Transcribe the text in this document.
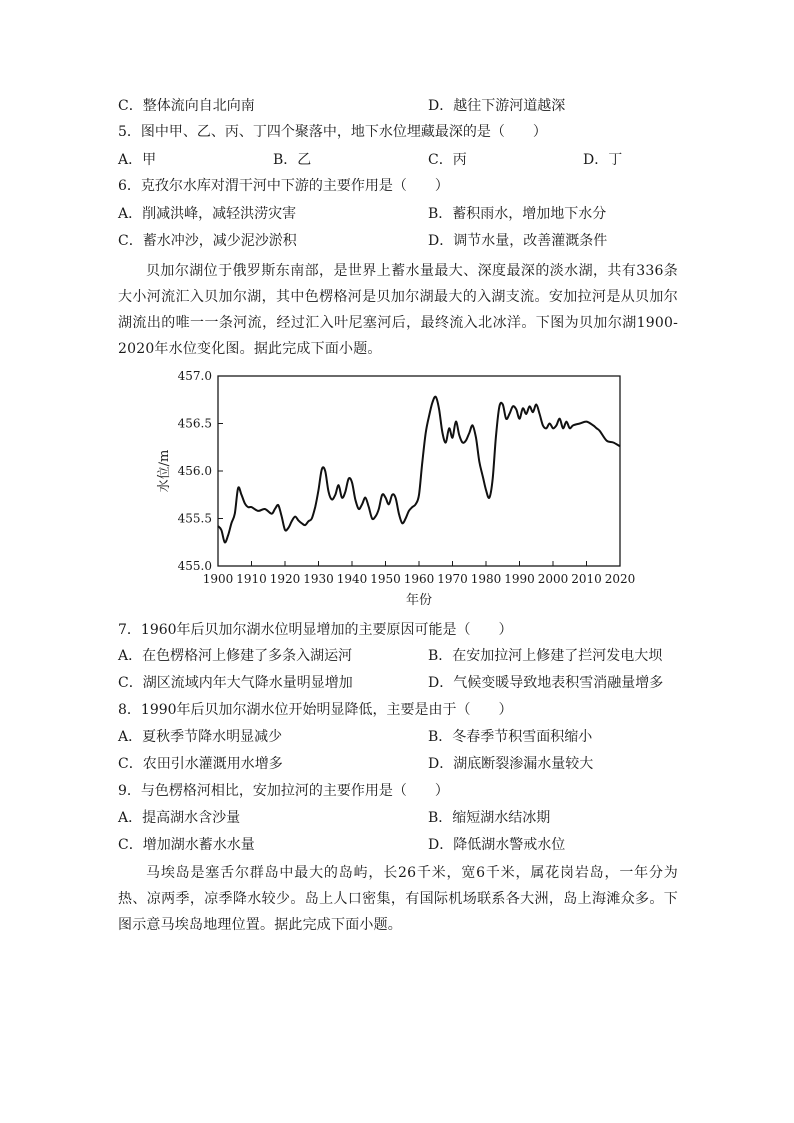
C．整体流向自北向南	D．越往下游河道越深
5．图中甲、乙、丙、丁四个聚落中，地下水位埋藏最深的是（　　）
A．甲	B．乙	C．丙	D．丁
6．克孜尔水库对渭干河中下游的主要作用是（　　）
A．削减洪峰，减轻洪涝灾害	B．蓄积雨水，增加地下水分
C．蓄水冲沙，减少泥沙淤积	D．调节水量，改善灌溉条件
贝加尔湖位于俄罗斯东南部，是世界上蓄水量最大、深度最深的淡水湖，共有336条大小河流汇入贝加尔湖，其中色楞格河是贝加尔湖最大的入湖支流。安加拉河是从贝加尔湖流出的唯一一条河流，经过汇入叶尼塞河后，最终流入北冰洋。下图为贝加尔湖1900-2020年水位变化图。据此完成下面小题。
1900 1910 1920 1930 1940 1950 1960 1970 1980 1990 2000 2010 2020
455.0
455.5
456.0
456.5
457.0
水位/m
年份
7．1960年后贝加尔湖水位明显增加的主要原因可能是（　　）
A．在色楞格河上修建了多条入湖运河	B．在安加拉河上修建了拦河发电大坝
C．湖区流域内年大气降水量明显增加	D．气候变暖导致地表积雪消融量增多
8．1990年后贝加尔湖水位开始明显降低，主要是由于（　　）
A．夏秋季节降水明显减少	B．冬春季节积雪面积缩小
C．农田引水灌溉用水增多	D．湖底断裂渗漏水量较大
9．与色楞格河相比，安加拉河的主要作用是（　　）
A．提高湖水含沙量	B．缩短湖水结冰期
C．增加湖水蓄水水量	D．降低湖水警戒水位
马埃岛是塞舌尔群岛中最大的岛屿，长26千米，宽6千米，属花岗岩岛，一年分为热、凉两季，凉季降水较少。岛上人口密集，有国际机场联系各大洲，岛上海滩众多。下图示意马埃岛地理位置。据此完成下面小题。
